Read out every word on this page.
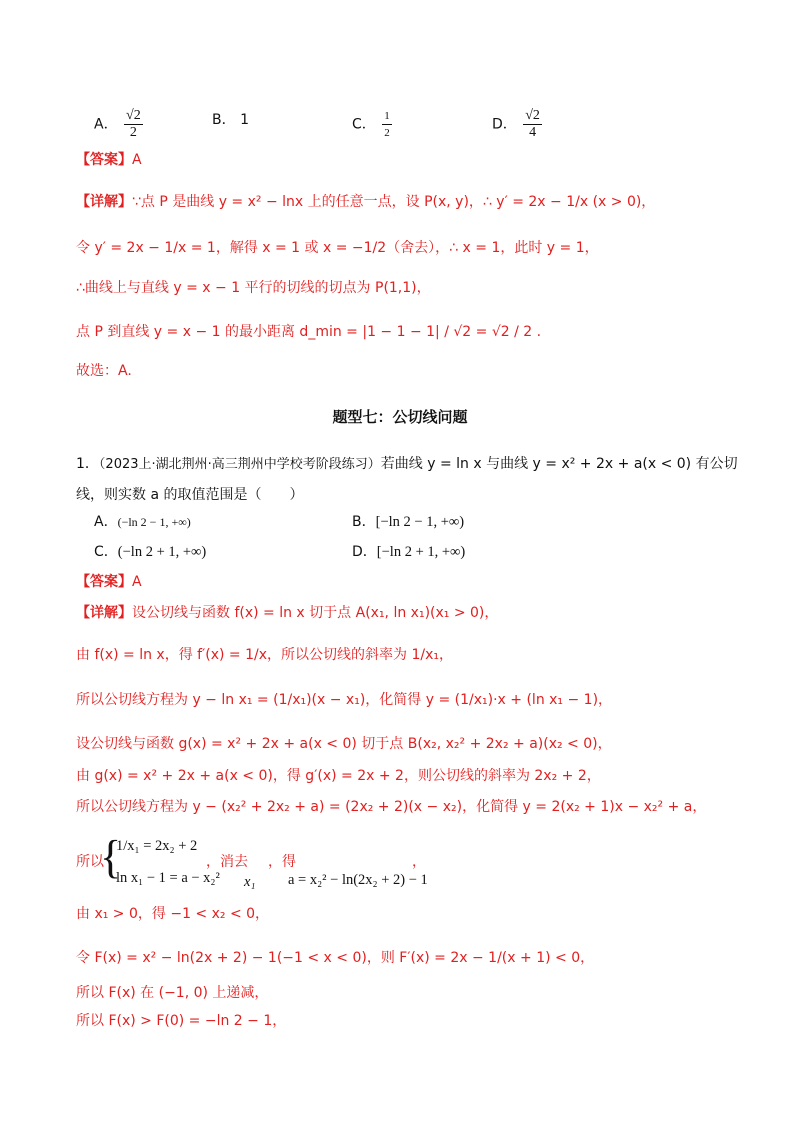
A． $\frac{√2}{2}$	B． 1	C． $\frac{1}{2}$	D． $\frac{√2}{4}$
【答案】A
【详解】∵点 P 是曲线 y = x² − lnx 上的任意一点，设 P(x, y)，∴ y′ = 2x − 1/x (x > 0)，
令 y′ = 2x − 1/x = 1，解得 x = 1 或 x = −1/2（舍去），∴ x = 1，此时 y = 1，
∴曲线上与直线 y = x − 1 平行的切线的切点为 P(1,1)，
点 P 到直线 y = x − 1 的最小距离 d_min = |1 − 1 − 1| / √2 = √2 / 2 .
故选：A.
题型七：公切线问题
1．（2023上·湖北荆州·高三荆州中学校考阶段练习）若曲线 y = ln x 与曲线 y = x² + 2x + a(x < 0) 有公切
线，则实数 a 的取值范围是（　　）
A．(−ln 2 − 1, +∞)	B．[−ln 2 − 1, +∞)
C．(−ln 2 + 1, +∞)	D．[−ln 2 + 1, +∞)
【答案】A
【详解】设公切线与函数 f(x) = ln x 切于点 A(x₁, ln x₁)(x₁ > 0)，
由 f(x) = ln x，得 f′(x) = 1/x，所以公切线的斜率为 1/x₁，
所以公切线方程为 y − ln x₁ = (1/x₁)(x − x₁)，化简得 y = (1/x₁)·x + (ln x₁ − 1)，
设公切线与函数 g(x) = x² + 2x + a(x < 0) 切于点 B(x₂, x₂² + 2x₂ + a)(x₂ < 0)，
由 g(x) = x² + 2x + a(x < 0)，得 g′(x) = 2x + 2，则公切线的斜率为 2x₂ + 2，
所以公切线方程为 y − (x₂² + 2x₂ + a) = (2x₂ + 2)(x − x₂)，化简得 y = 2(x₂ + 1)x − x₂² + a，
所以
{
1/x₁ = 2x₂ + 2
ln x₁ − 1 = a − x₂²
，消去
x₁
，得
a = x₂² − ln(2x₂ + 2) − 1
，
由 x₁ > 0，得 −1 < x₂ < 0，
令 F(x) = x² − ln(2x + 2) − 1(−1 < x < 0)，则 F′(x) = 2x − 1/(x + 1) < 0，
所以 F(x) 在 (−1, 0) 上递减，
所以 F(x) > F(0) = −ln 2 − 1，
